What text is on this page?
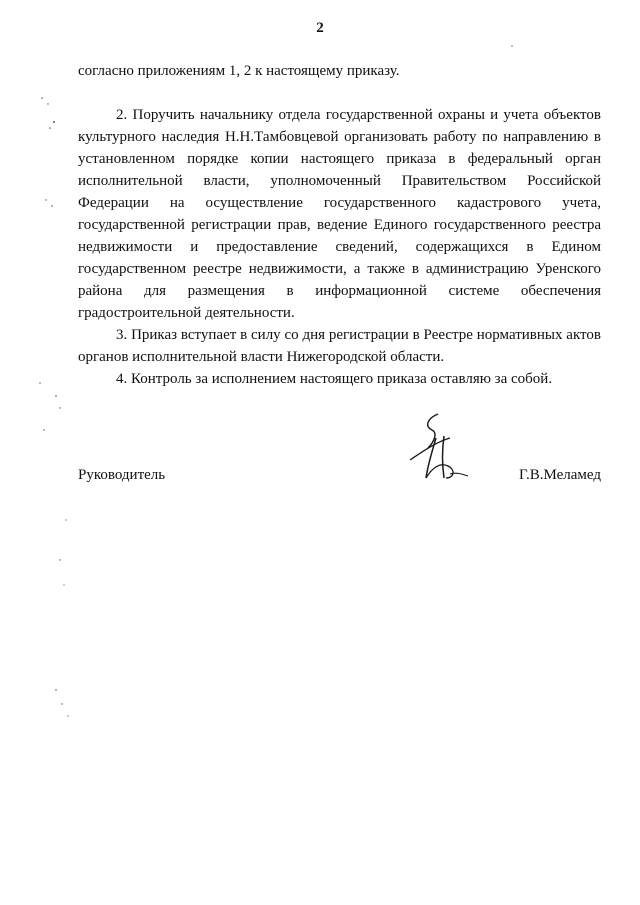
2

согласно приложениям 1, 2 к настоящему приказу.

2. Поручить начальнику отдела государственной охраны и учета объектов культурного наследия Н.Н.Тамбовцевой организовать работу по направлению в установленном порядке копии настоящего приказа в федеральный орган исполнительной власти, уполномоченный Правительством Российской Федерации на осуществление государственного кадастрового учета, государственной регистрации прав, ведение Единого государственного реестра недвижимости и предоставление сведений, содержащихся в Едином государственном реестре недвижимости, а также в администрацию Уренского района для размещения в информационной системе обеспечения градостроительной деятельности.

3. Приказ вступает в силу со дня регистрации в Реестре нормативных актов органов исполнительной власти Нижегородской области.

4. Контроль за исполнением настоящего приказа оставляю за собой.

Руководитель	Г.В.Меламед
